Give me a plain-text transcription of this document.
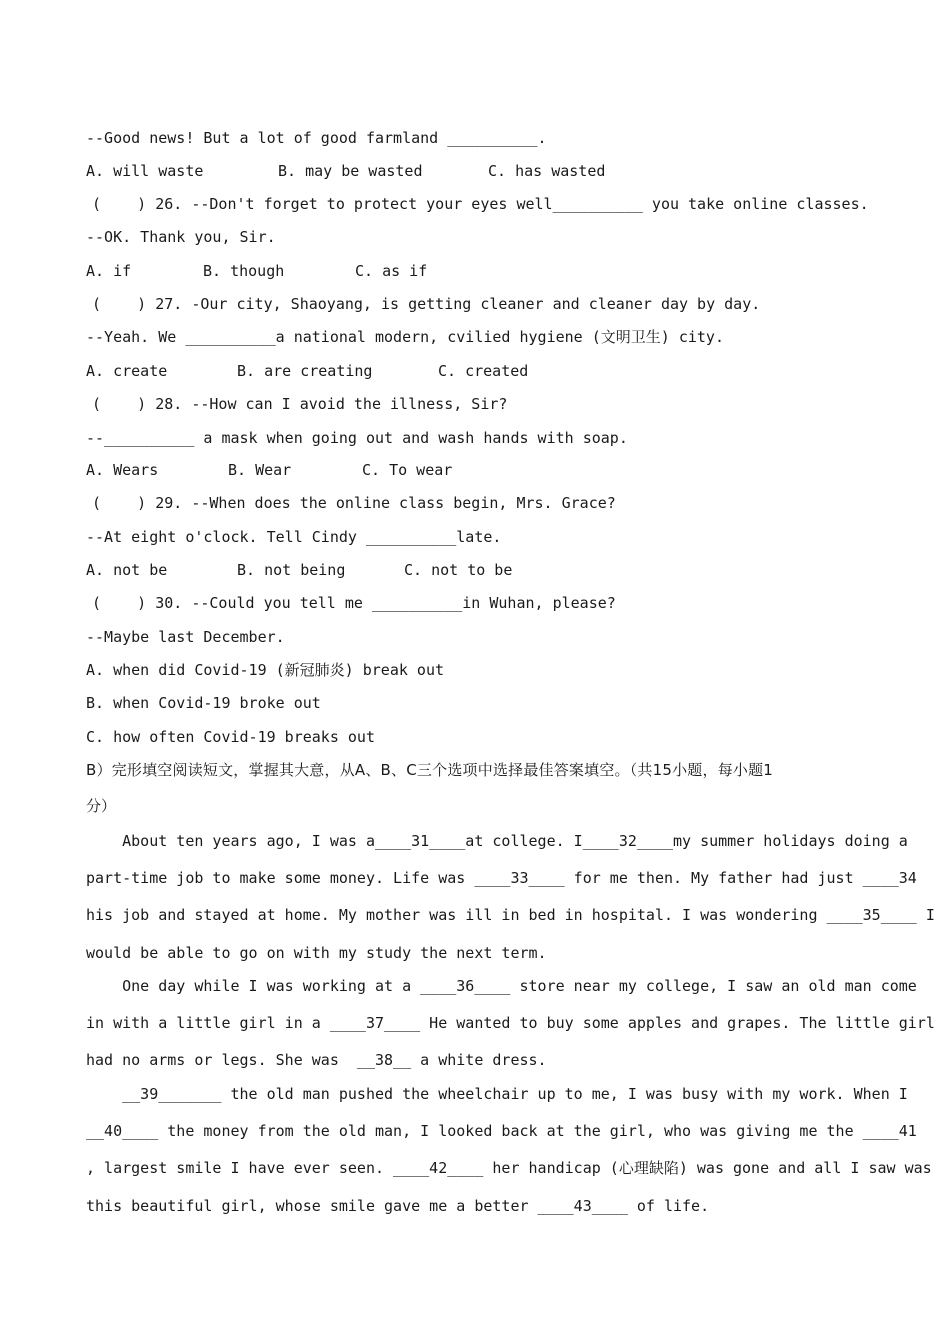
--Good news! But a lot of good farmland __________.
A. will waste	B. may be wasted	C. has wasted
(    ) 26. --Don't forget to protect your eyes well__________ you take online classes.
--OK. Thank you, Sir.
A. if	B. though	C. as if
(    ) 27. -Our city, Shaoyang, is getting cleaner and cleaner day by day.
--Yeah. We __________a national modern, cvilied hygiene (文明卫生) city.
A. create	B. are creating	C. created
(    ) 28. --How can I avoid the illness, Sir?
--__________ a mask when going out and wash hands with soap.
A. Wears	B. Wear	C. To wear
(    ) 29. --When does the online class begin, Mrs. Grace?
--At eight o'clock. Tell Cindy __________late.
A. not be	B. not being	C. not to be
(    ) 30. --Could you tell me __________in Wuhan, please?
--Maybe last December.
A. when did Covid-19 (新冠肺炎) break out
B. when Covid-19 broke out
C. how often Covid-19 breaks out
B）完形填空阅读短文，掌握其大意，从A、B、C三个选项中选择最佳答案填空。（共15小题，每小题1
分）
About ten years ago, I was a____31____at college. I____32____my summer holidays doing a
part-time job to make some money. Life was ____33____ for me then. My father had just ____34
his job and stayed at home. My mother was ill in bed in hospital. I was wondering ____35____ I
would be able to go on with my study the next term.
One day while I was working at a ____36____ store near my college, I saw an old man come
in with a little girl in a ____37____ He wanted to buy some apples and grapes. The little girl
had no arms or legs. She was  __38__ a white dress.
__39_______ the old man pushed the wheelchair up to me, I was busy with my work. When I
__40____ the money from the old man, I looked back at the girl, who was giving me the ____41
, largest smile I have ever seen. ____42____ her handicap (心理缺陷) was gone and all I saw was
this beautiful girl, whose smile gave me a better ____43____ of life.
